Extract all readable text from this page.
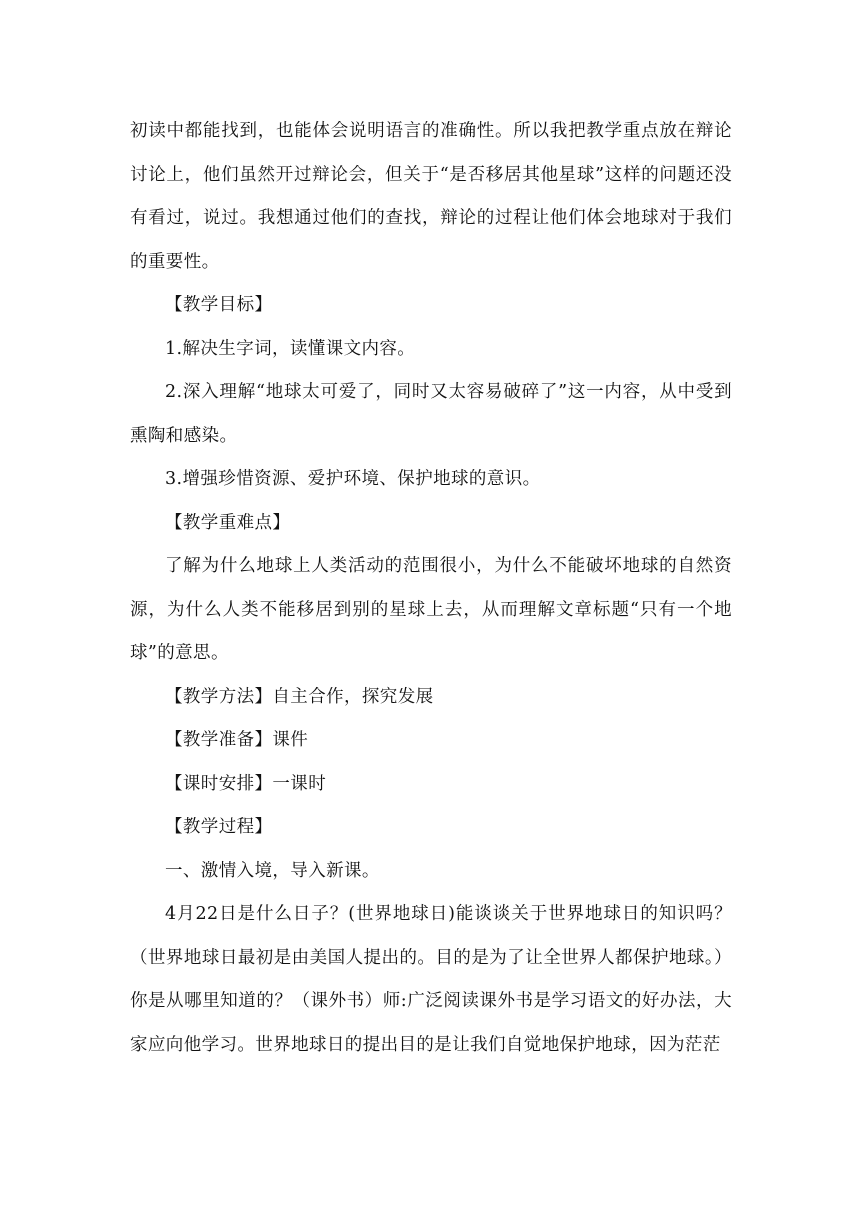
初读中都能找到，也能体会说明语言的准确性。所以我把教学重点放在辩论讨论上，他们虽然开过辩论会，但关于“是否移居其他星球”这样的问题还没有看过，说过。我想通过他们的查找，辩论的过程让他们体会地球对于我们的重要性。

【教学目标】

1.解决生字词，读懂课文内容。

2.深入理解“地球太可爱了，同时又太容易破碎了”这一内容，从中受到熏陶和感染。

3.增强珍惜资源、爱护环境、保护地球的意识。

【教学重难点】

了解为什么地球上人类活动的范围很小，为什么不能破坏地球的自然资源，为什么人类不能移居到别的星球上去，从而理解文章标题“只有一个地球”的意思。

【教学方法】自主合作，探究发展

【教学准备】课件

【课时安排】一课时

【教学过程】

一、激情入境，导入新课。

4月22日是什么日子？(世界地球日)能谈谈关于世界地球日的知识吗？（世界地球日最初是由美国人提出的。目的是为了让全世界人都保护地球。）你是从哪里知道的？（课外书）师:广泛阅读课外书是学习语文的好办法，大家应向他学习。世界地球日的提出目的是让我们自觉地保护地球，因为茫茫
